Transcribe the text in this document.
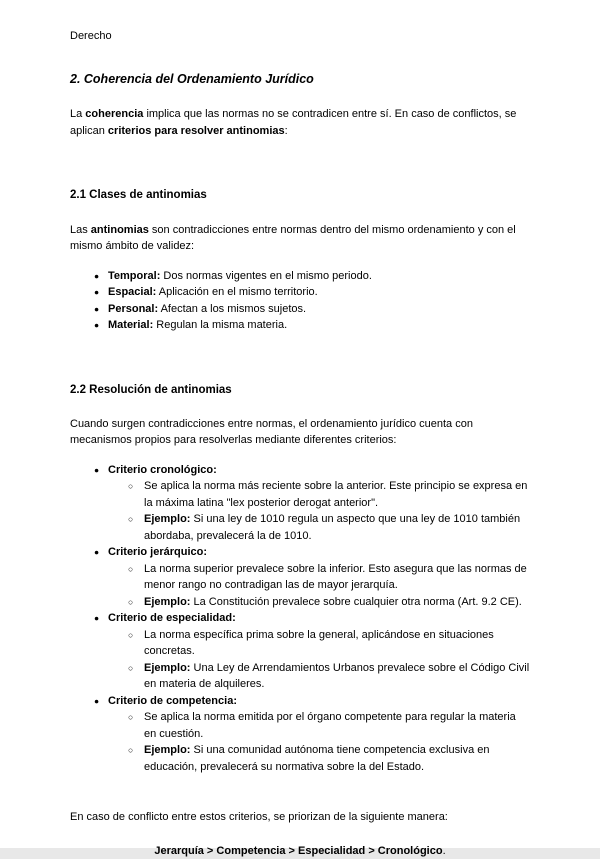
Derecho
2. Coherencia del Ordenamiento Jurídico

La coherencia implica que las normas no se contradicen entre sí. En caso de conflictos, se aplican criterios para resolver antinomias:

2.1 Clases de antinomias

Las antinomias son contradicciones entre normas dentro del mismo ordenamiento y con el mismo ámbito de validez:

● Temporal: Dos normas vigentes en el mismo periodo.
● Espacial: Aplicación en el mismo territorio.
● Personal: Afectan a los mismos sujetos.
● Material: Regulan la misma materia.
2.2 Resolución de antinomias

Cuando surgen contradicciones entre normas, el ordenamiento jurídico cuenta con mecanismos propios para resolverlas mediante diferentes criterios:

● Criterio cronológico:
○ Se aplica la norma más reciente sobre la anterior. Este principio se expresa en la máxima latina "lex posterior derogat anterior".
○ Ejemplo: Si una ley de 1010 regula un aspecto que una ley de 1010 también abordaba, prevalecerá la de 1010.
● Criterio jerárquico:
○ La norma superior prevalece sobre la inferior. Esto asegura que las normas de menor rango no contradigan las de mayor jerarquía.
○ Ejemplo: La Constitución prevalece sobre cualquier otra norma (Art. 9.2 CE).
● Criterio de especialidad:
○ La norma específica prima sobre la general, aplicándose en situaciones concretas.
○ Ejemplo: Una Ley de Arrendamientos Urbanos prevalece sobre el Código Civil en materia de alquileres.
● Criterio de competencia:
○ Se aplica la norma emitida por el órgano competente para regular la materia en cuestión.
○ Ejemplo: Si una comunidad autónoma tiene competencia exclusiva en educación, prevalecerá su normativa sobre la del Estado.

En caso de conflicto entre estos criterios, se priorizan de la siguiente manera:

Jerarquía > Competencia > Especialidad > Cronológico.
